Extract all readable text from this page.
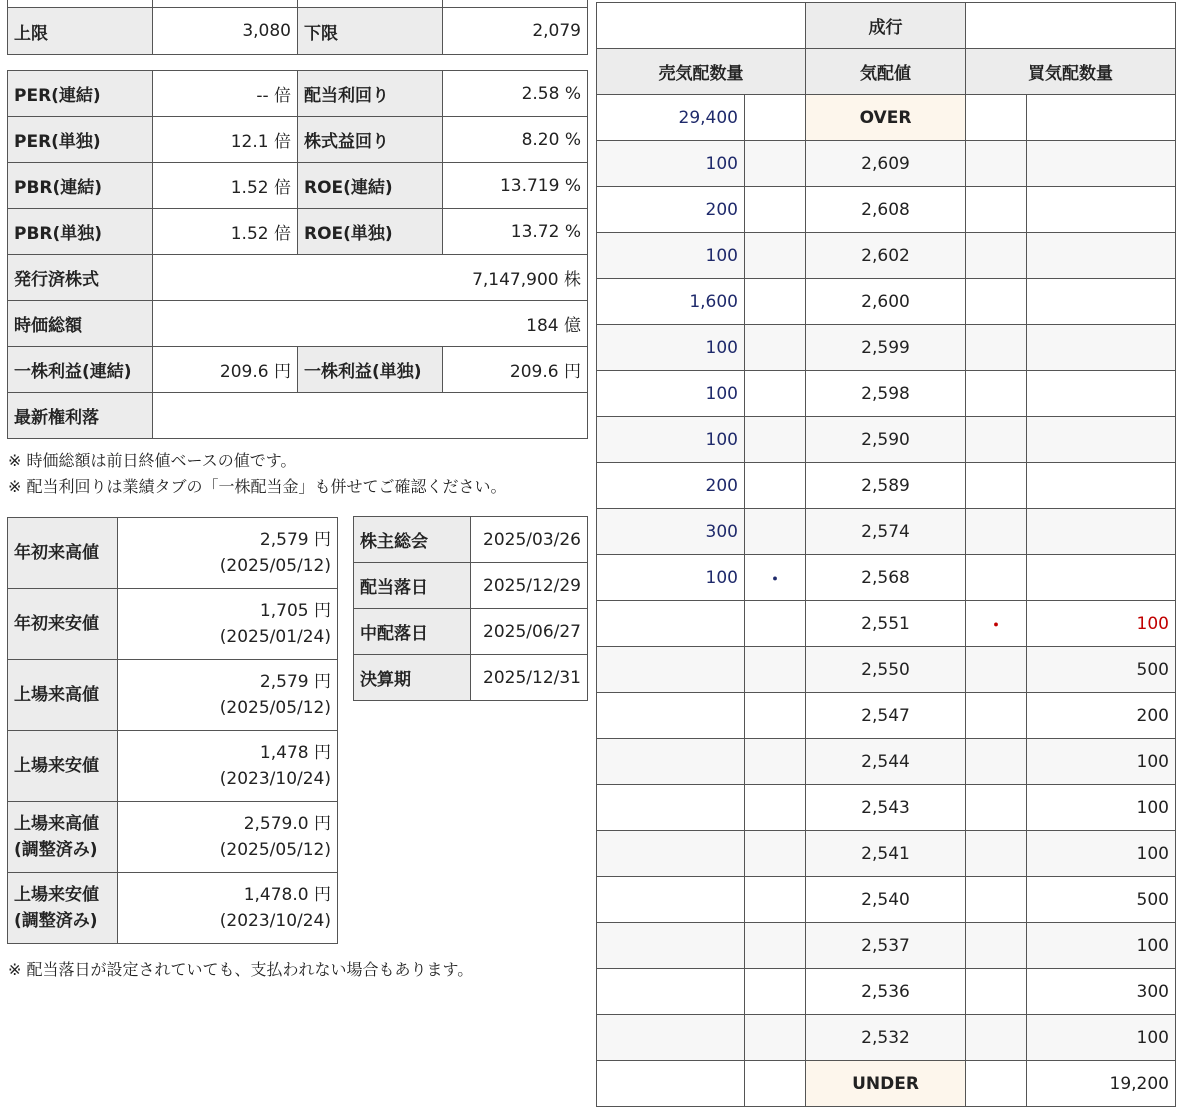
上限	3,080	下限	2,079
PER(連結)	-- 倍	配当利回り	2.58 %
PER(単独)	12.1 倍	株式益回り	8.20 %
PBR(連結)	1.52 倍	ROE(連結)	13.719 %
PBR(単独)	1.52 倍	ROE(単独)	13.72 %
発行済株式	7,147,900 株		
時価総額	184 億		
一株利益(連結)	209.6 円	一株利益(単独)	209.6 円
最新権利落			
※ 時価総額は前日終値ベースの値です。
※ 配当利回りは業績タブの「一株配当金」も併せてご確認ください。
年初来高値	2,579 円
(2025/05/12)
年初来安値	1,705 円
(2025/01/24)
上場来高値	2,579 円
(2025/05/12)
上場来安値	1,478 円
(2023/10/24)
上場来高値
(調整済み)	2,579.0 円
(2025/05/12)
上場来安値
(調整済み)	1,478.0 円
(2023/10/24)
株主総会	2025/03/26
配当落日	2025/12/29
中配落日	2025/06/27
決算期	2025/12/31
※ 配当落日が設定されていても、支払われない場合もあります。
		成行		
売気配数量		気配値	買気配数量	
29,400		OVER		
100		2,609		
200		2,608		
100		2,602		
1,600		2,600		
100		2,599		
100		2,598		
100		2,590		
200		2,589		
300		2,574		
100	･	2,568		
		2,551	･	100
		2,550		500
		2,547		200
		2,544		100
		2,543		100
		2,541		100
		2,540		500
		2,537		100
		2,536		300
		2,532		100
		UNDER		19,200
